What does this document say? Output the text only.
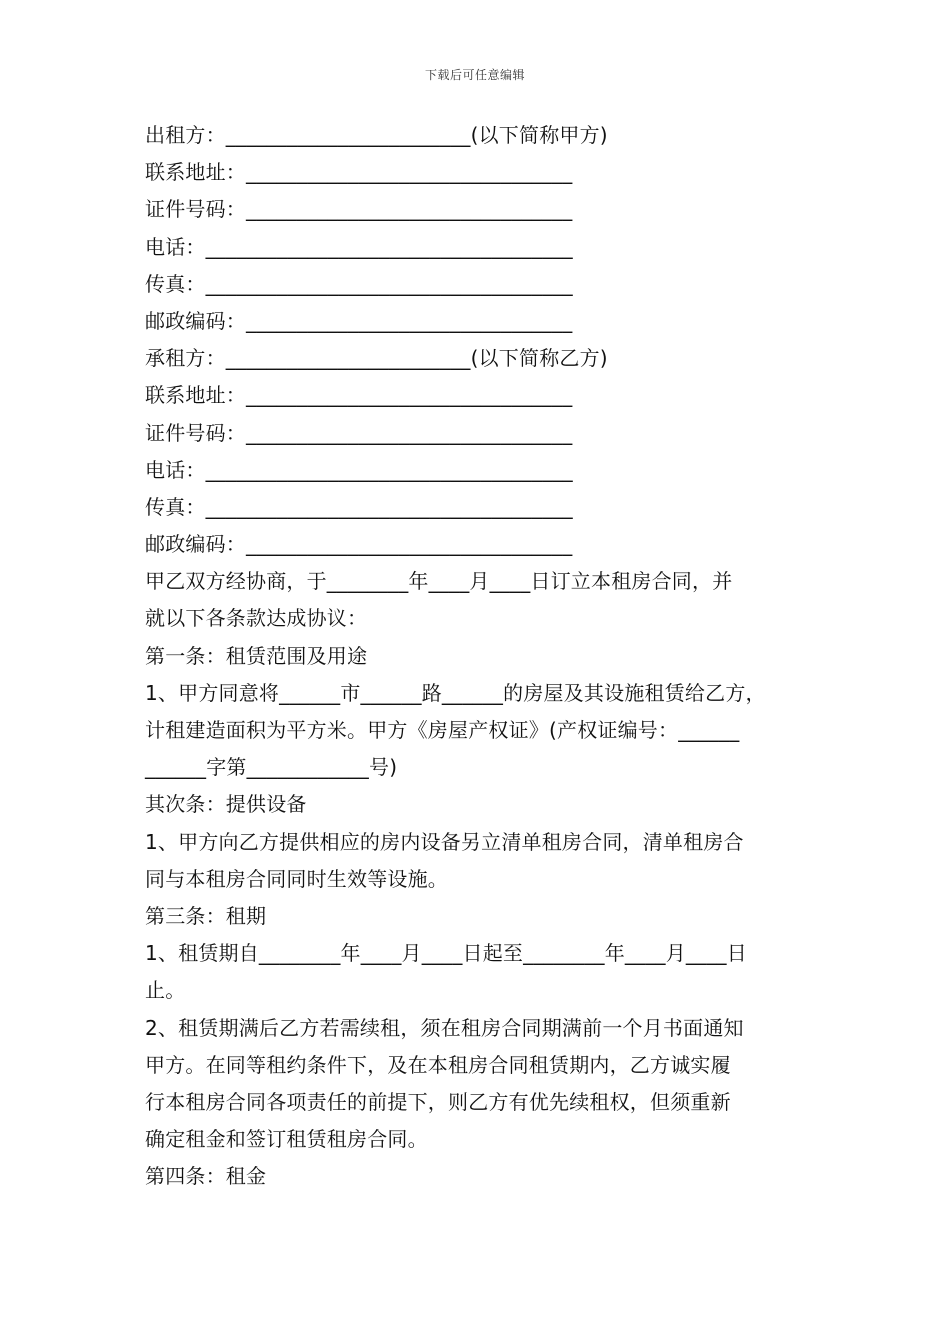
下载后可任意编辑
出租方：________________________(以下简称甲方)
联系地址：________________________________
证件号码：________________________________
电话：____________________________________
传真：____________________________________
邮政编码：________________________________
承租方：________________________(以下简称乙方)
联系地址：________________________________
证件号码：________________________________
电话：____________________________________
传真：____________________________________
邮政编码：________________________________
甲乙双方经协商，于________年____月____日订立本租房合同，并
就以下各条款达成协议：
第一条：租赁范围及用途
1、甲方同意将______市______路______的房屋及其设施租赁给乙方，
计租建造面积为平方米。甲方《房屋产权证》(产权证编号：______
______字第____________号)
其次条：提供设备
1、甲方向乙方提供相应的房内设备另立清单租房合同，清单租房合
同与本租房合同同时生效等设施。
第三条：租期
1、租赁期自________年____月____日起至________年____月____日
止。
2、租赁期满后乙方若需续租，须在租房合同期满前一个月书面通知
甲方。在同等租约条件下，及在本租房合同租赁期内，乙方诚实履
行本租房合同各项责任的前提下，则乙方有优先续租权，但须重新
确定租金和签订租赁租房合同。
第四条：租金
